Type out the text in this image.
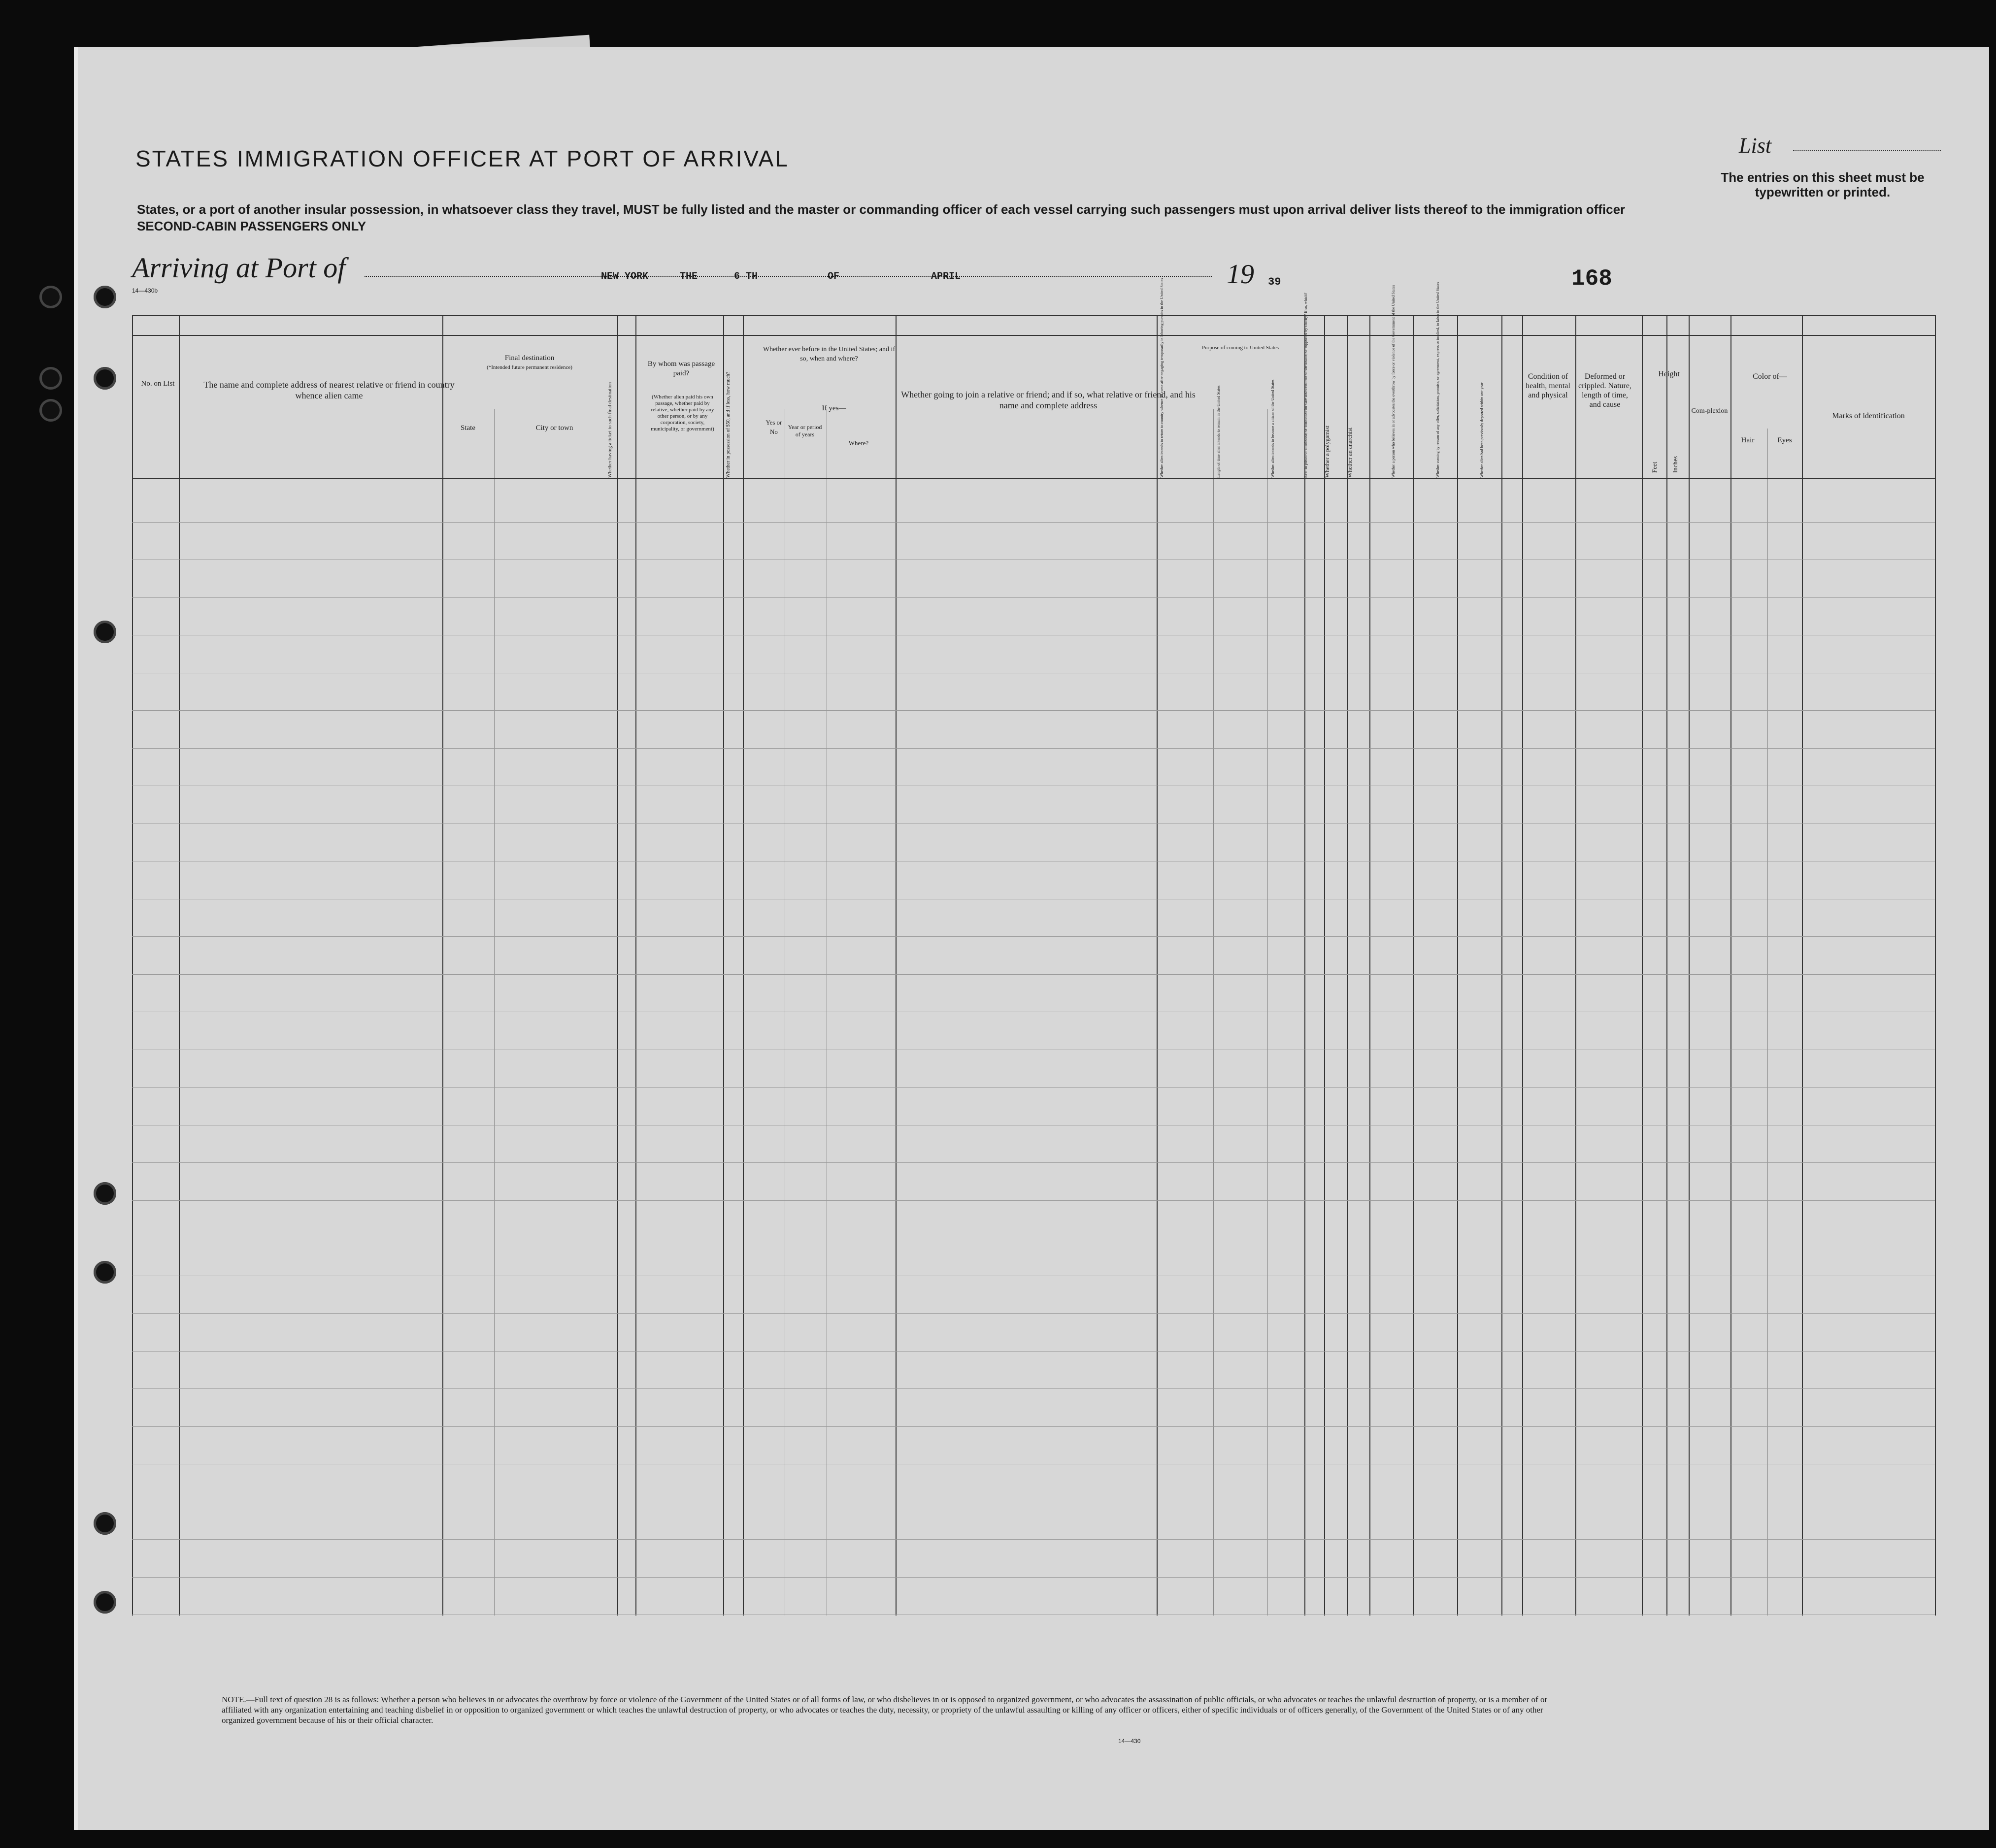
STATES IMMIGRATION OFFICER AT PORT OF ARRIVAL
List
The entries on this sheet must be typewritten or printed.
States, or a port of another insular possession, in whatsoever class they travel, MUST be fully listed and the master or commanding officer of each vessel carrying such passengers must upon arrival deliver lists thereof to the immigration officer
SECOND-CABIN PASSENGERS ONLY
Arriving at Port of	NEW YORK	THE	6 TH	OF	APRIL	19 39	168
14—430b
No. on List	The name and complete address of nearest relative or friend in country whence alien came
Final destination
(*Intended future permanent residence)
State	City or town	Whether having a ticket to such final destination
By whom was passage paid?
(Whether alien paid his own passage, whether paid by relative, whether paid by any other person, or by any corporation, society, municipality, or government)	Whether in possession of $50, and if less, how much?
Whether ever before in the United States; and if so, when and where?
Yes or No
If yes—
Year or period of years
Where?
Whether going to join a relative or friend; and if so, what relative or friend, and his name and complete address
Purpose of coming to United States
Whether alien intends to return to country whence he came after engaging temporarily in laboring pursuits in the United States	Length of time alien intends to remain in the United States	Whether alien intends to become a citizen of the United States	Ever in prison or almshouse, or institution for care and treatment of the insane, or supported by charity? If so, which?	Whether a polygamist	Whether an anarchist	Whether a person who believes in or advocates the overthrow by force or violence of the Government of the United States	Whether coming by reason of any offer, solicitation, promise, or agreement, express or implied, to labor in the United States	Whether alien had been previously deported within one year
Condition of health, mental and physical
Deformed or crippled. Nature, length of time, and cause
Height
Feet Inches
Com-plexion
Color of—
Hair	Eyes
Marks of identification
NOTE.—Full text of question 28 is as follows: Whether a person who believes in or advocates the overthrow by force or violence of the Government of the United States or of all forms of law, or who disbelieves in or is opposed to organized government, or who advocates the assassination of public officials, or who advocates or teaches the unlawful destruction of property, or is a member of or affiliated with any organization entertaining and teaching disbelief in or opposition to organized government or which teaches the unlawful destruction of property, or who advocates or teaches the duty, necessity, or propriety of the unlawful assaulting or killing of any officer or officers, either of specific individuals or of officers generally, of the Government of the United States or of any other organized government because of his or their official character.
14—430
